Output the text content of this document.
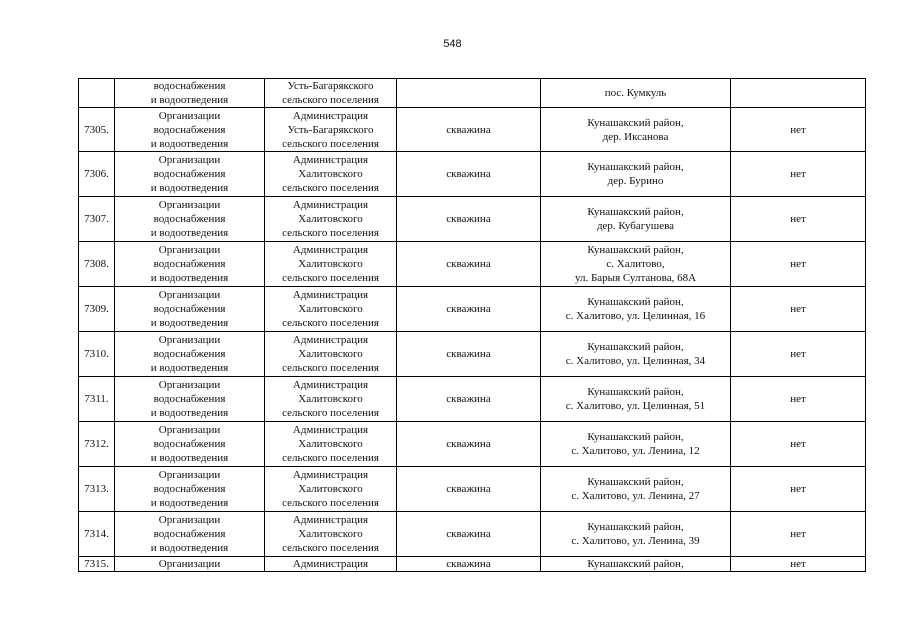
548

	водоснабжения
и водоотведения	Усть-Багарякского
сельского поселения		пос. Кумкуль	

7305.	Организации
водоснабжения
и водоотведения	Администрация
Усть-Багарякского
сельского поселения	скважина	Кунашакский район,
дер. Иксанова	нет

7306.	Организации
водоснабжения
и водоотведения	Администрация
Халитовского
сельского поселения	скважина	Кунашакский район,
дер. Бурино	нет

7307.	Организации
водоснабжения
и водоотведения	Администрация
Халитовского
сельского поселения	скважина	Кунашакский район,
дер. Кубагушева	нет

7308.	Организации
водоснабжения
и водоотведения	Администрация
Халитовского
сельского поселения	скважина	Кунашакский район,
с. Халитово,
ул. Барыя Султанова, 68А	нет

7309.	Организации
водоснабжения
и водоотведения	Администрация
Халитовского
сельского поселения	скважина	Кунашакский район,
с. Халитово, ул. Целинная, 16	нет

7310.	Организации
водоснабжения
и водоотведения	Администрация
Халитовского
сельского поселения	скважина	Кунашакский район,
с. Халитово, ул. Целинная, 34	нет

7311.	Организации
водоснабжения
и водоотведения	Администрация
Халитовского
сельского поселения	скважина	Кунашакский район,
с. Халитово, ул. Целинная, 51	нет

7312.	Организации
водоснабжения
и водоотведения	Администрация
Халитовского
сельского поселения	скважина	Кунашакский район,
с. Халитово, ул. Ленина, 12	нет

7313.	Организации
водоснабжения
и водоотведения	Администрация
Халитовского
сельского поселения	скважина	Кунашакский район,
с. Халитово, ул. Ленина, 27	нет

7314.	Организации
водоснабжения
и водоотведения	Администрация
Халитовского
сельского поселения	скважина	Кунашакский район,
с. Халитово, ул. Ленина, 39	нет

7315.	Организации	Администрация	скважина	Кунашакский район,	нет
